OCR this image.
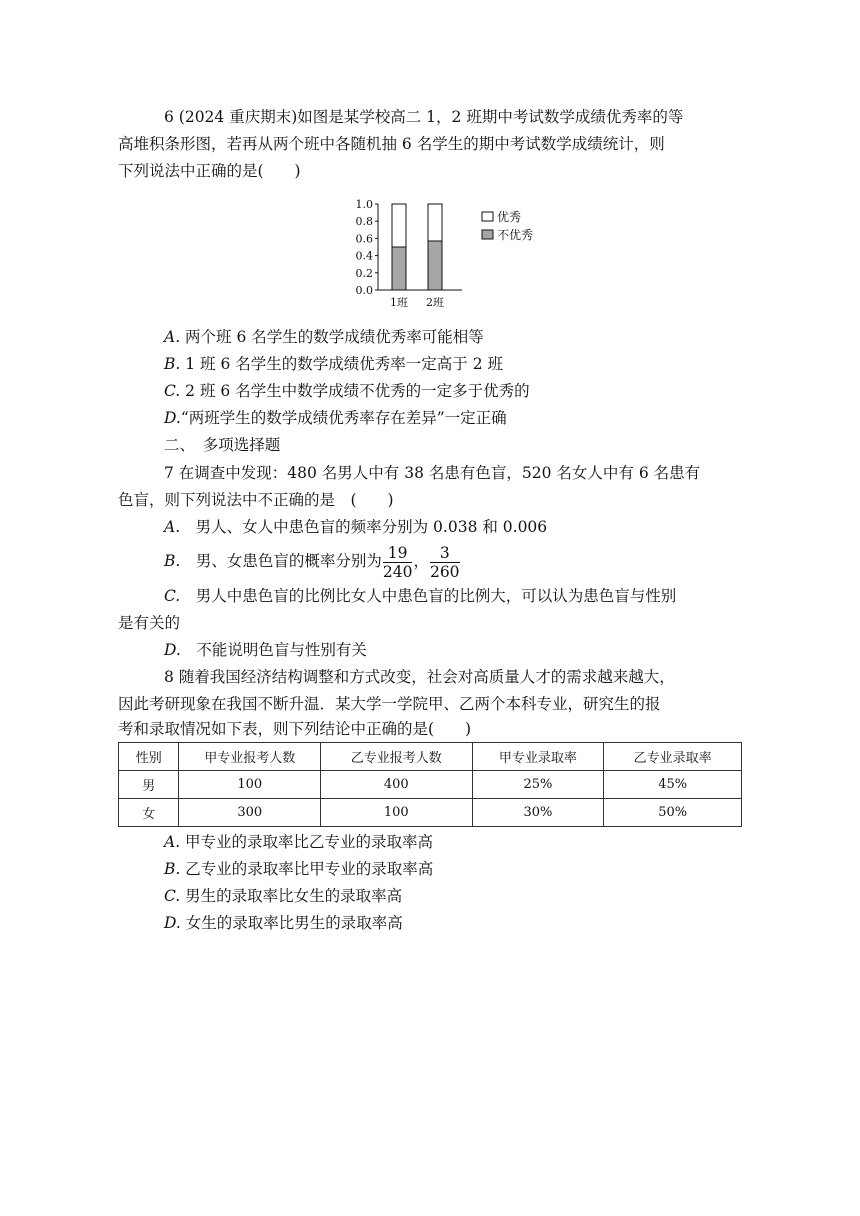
6 (2024 重庆期末)如图是某学校高二 1，2 班期中考试数学成绩优秀率的等
高堆积条形图，若再从两个班中各随机抽 6 名学生的期中考试数学成绩统计，则
下列说法中正确的是(　　)
1.0
0.8
0.6
0.4
0.2
0.0
1班 2班
优秀
不优秀
A. 两个班 6 名学生的数学成绩优秀率可能相等
B. 1 班 6 名学生的数学成绩优秀率一定高于 2 班
C. 2 班 6 名学生中数学成绩不优秀的一定多于优秀的
D.“两班学生的数学成绩优秀率存在差异”一定正确
二、　多项选择题
7 在调查中发现：480 名男人中有 38 名患有色盲，520 名女人中有 6 名患有
色盲，则下列说法中不正确的是　(　　)
A.　男人、女人中患色盲的频率分别为 0.038 和 0.006
B.　男、女患色盲的概率分别为 $\frac{19}{240}$ ， $\frac{3}{260}$
C.　男人中患色盲的比例比女人中患色盲的比例大，可以认为患色盲与性别
是有关的
D.　不能说明色盲与性别有关
8 随着我国经济结构调整和方式改变，社会对高质量人才的需求越来越大，
因此考研现象在我国不断升温．某大学一学院甲、乙两个本科专业，研究生的报
考和录取情况如下表，则下列结论中正确的是(　　)
性别	甲专业报考人数	乙专业报考人数	甲专业录取率	乙专业录取率
男	100	400	25%	45%
女	300	100	30%	50%
A. 甲专业的录取率比乙专业的录取率高
B. 乙专业的录取率比甲专业的录取率高
C. 男生的录取率比女生的录取率高
D. 女生的录取率比男生的录取率高
